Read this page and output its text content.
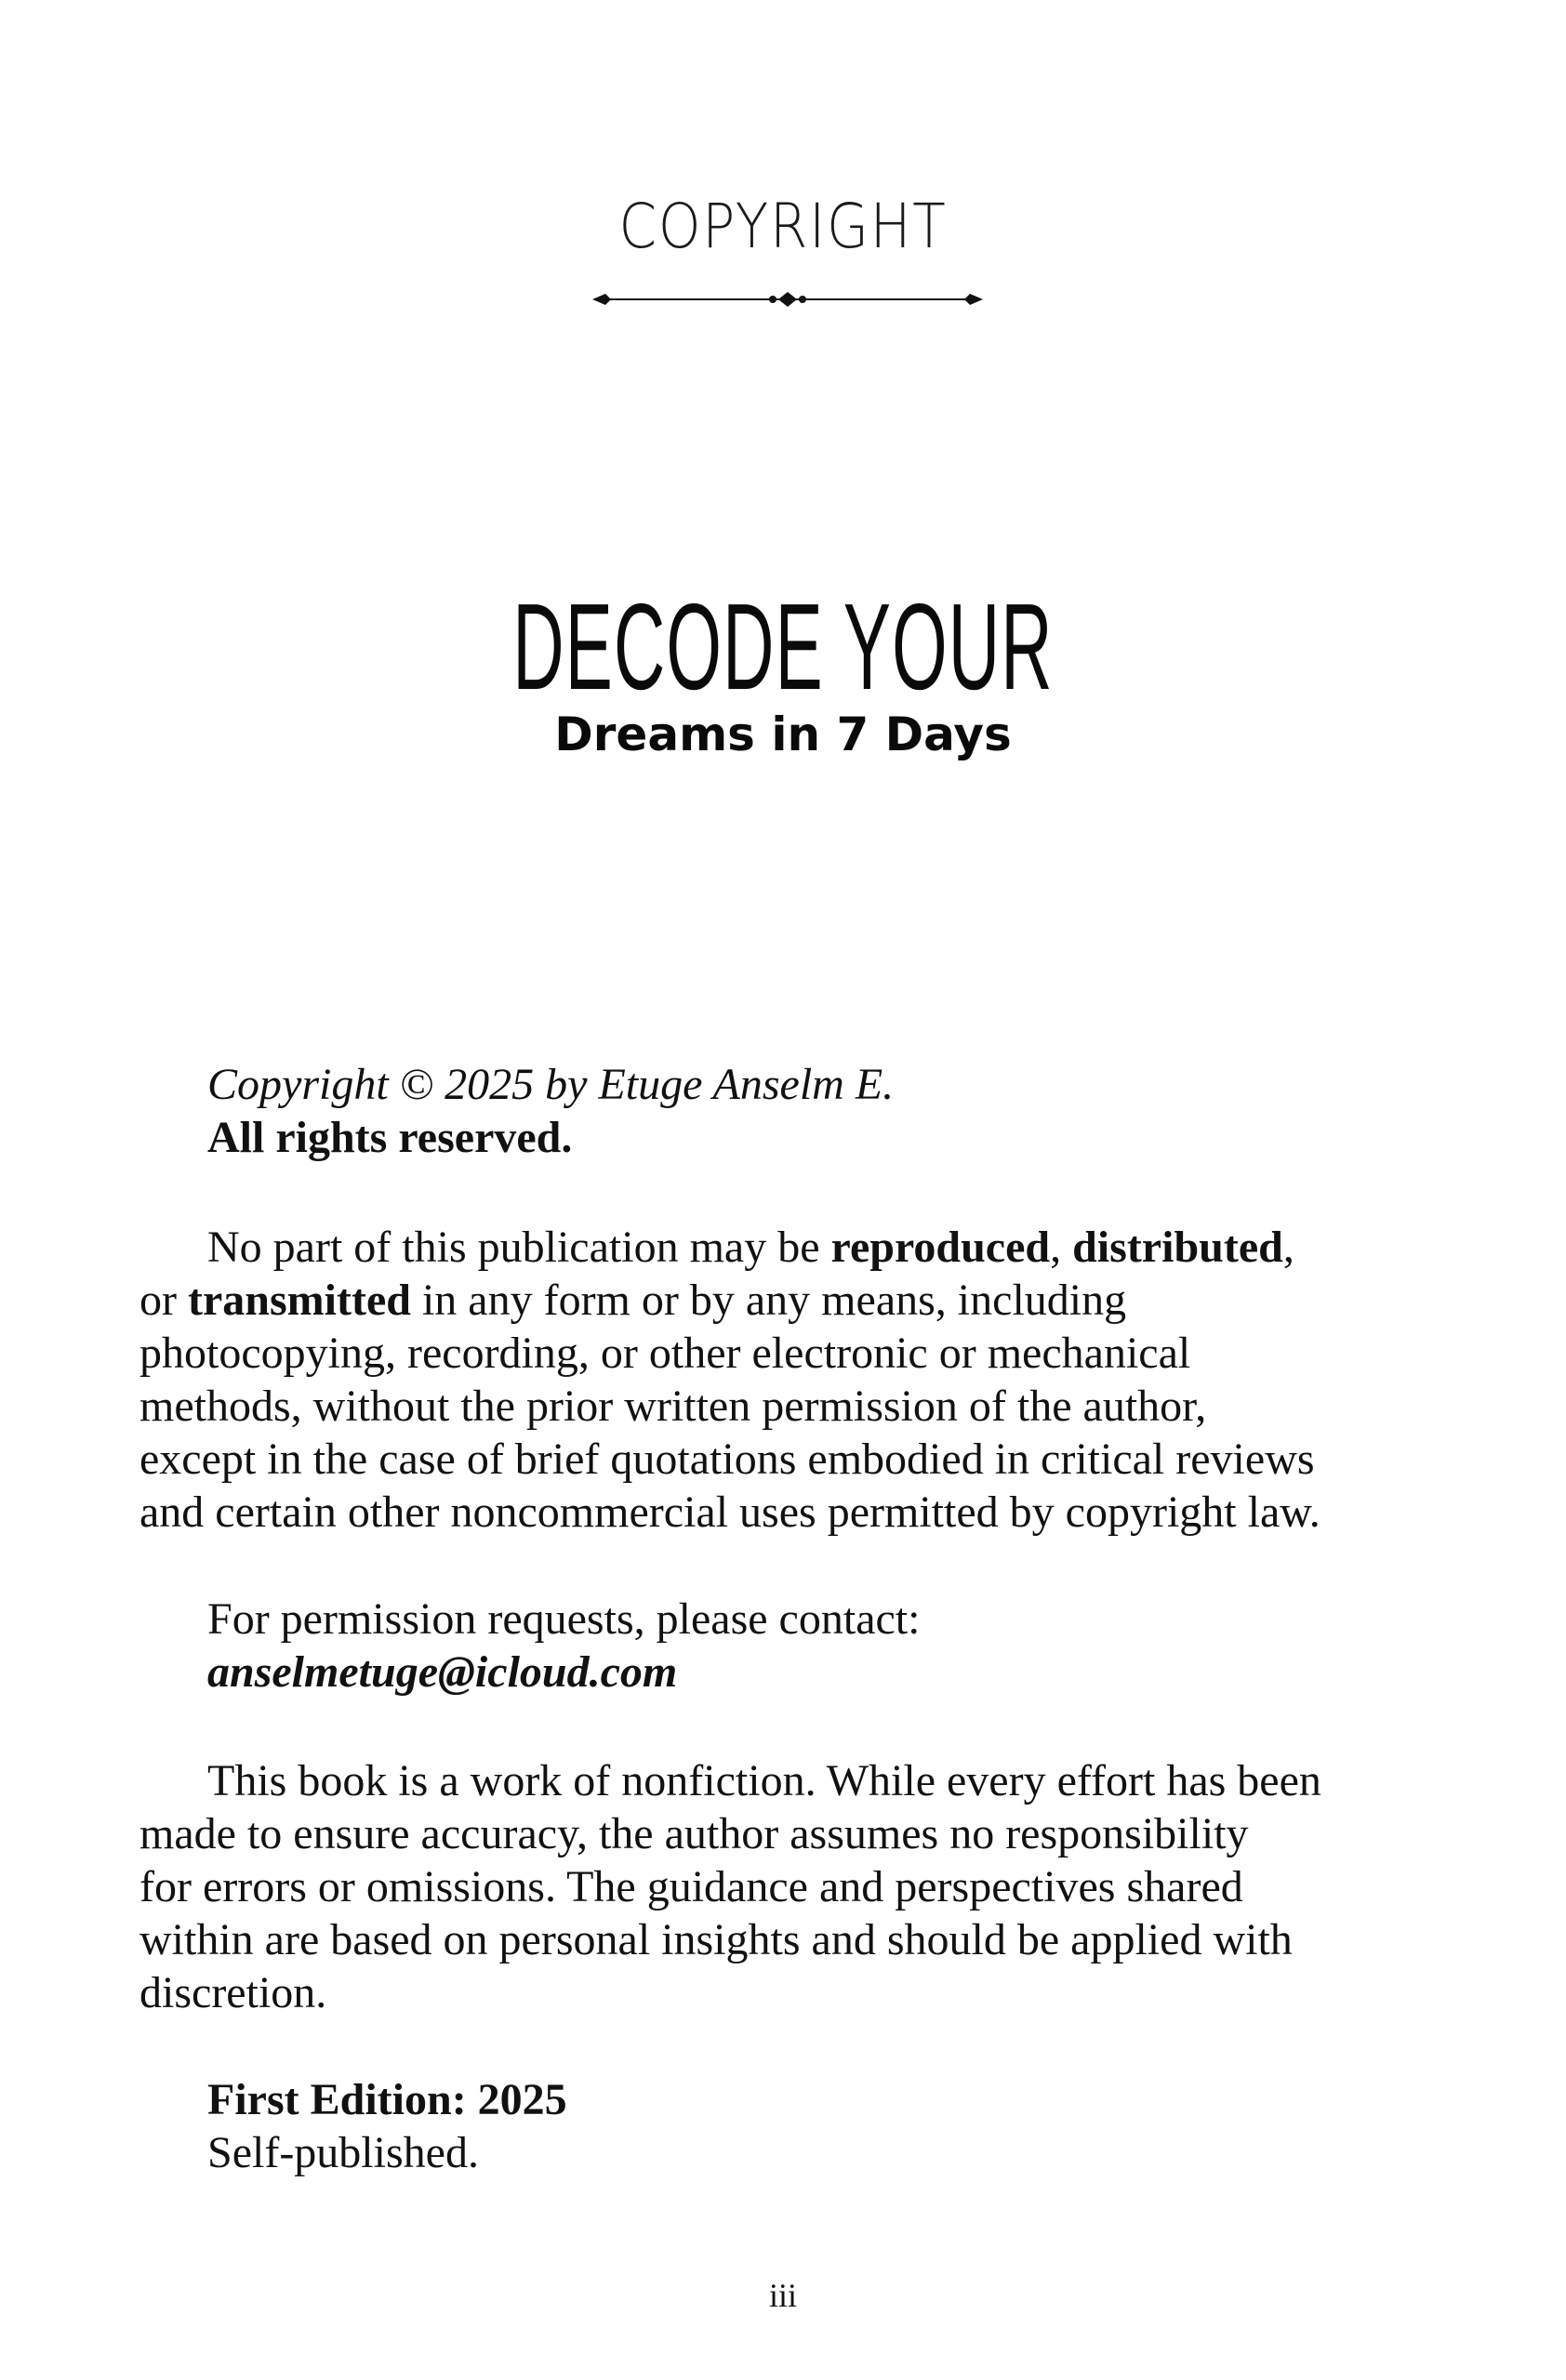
COPYRIGHT
DECODE YOUR
Dreams in 7 Days
Copyright © 2025 by Etuge Anselm E.
All rights reserved.
No part of this publication may be reproduced, distributed,
or transmitted in any form or by any means, including
photocopying, recording, or other electronic or mechanical
methods, without the prior written permission of the author,
except in the case of brief quotations embodied in critical reviews
and certain other noncommercial uses permitted by copyright law.
For permission requests, please contact:
anselmetuge@icloud.com
This book is a work of nonfiction. While every effort has been
made to ensure accuracy, the author assumes no responsibility
for errors or omissions. The guidance and perspectives shared
within are based on personal insights and should be applied with
discretion.
First Edition: 2025
Self-published.
iii
